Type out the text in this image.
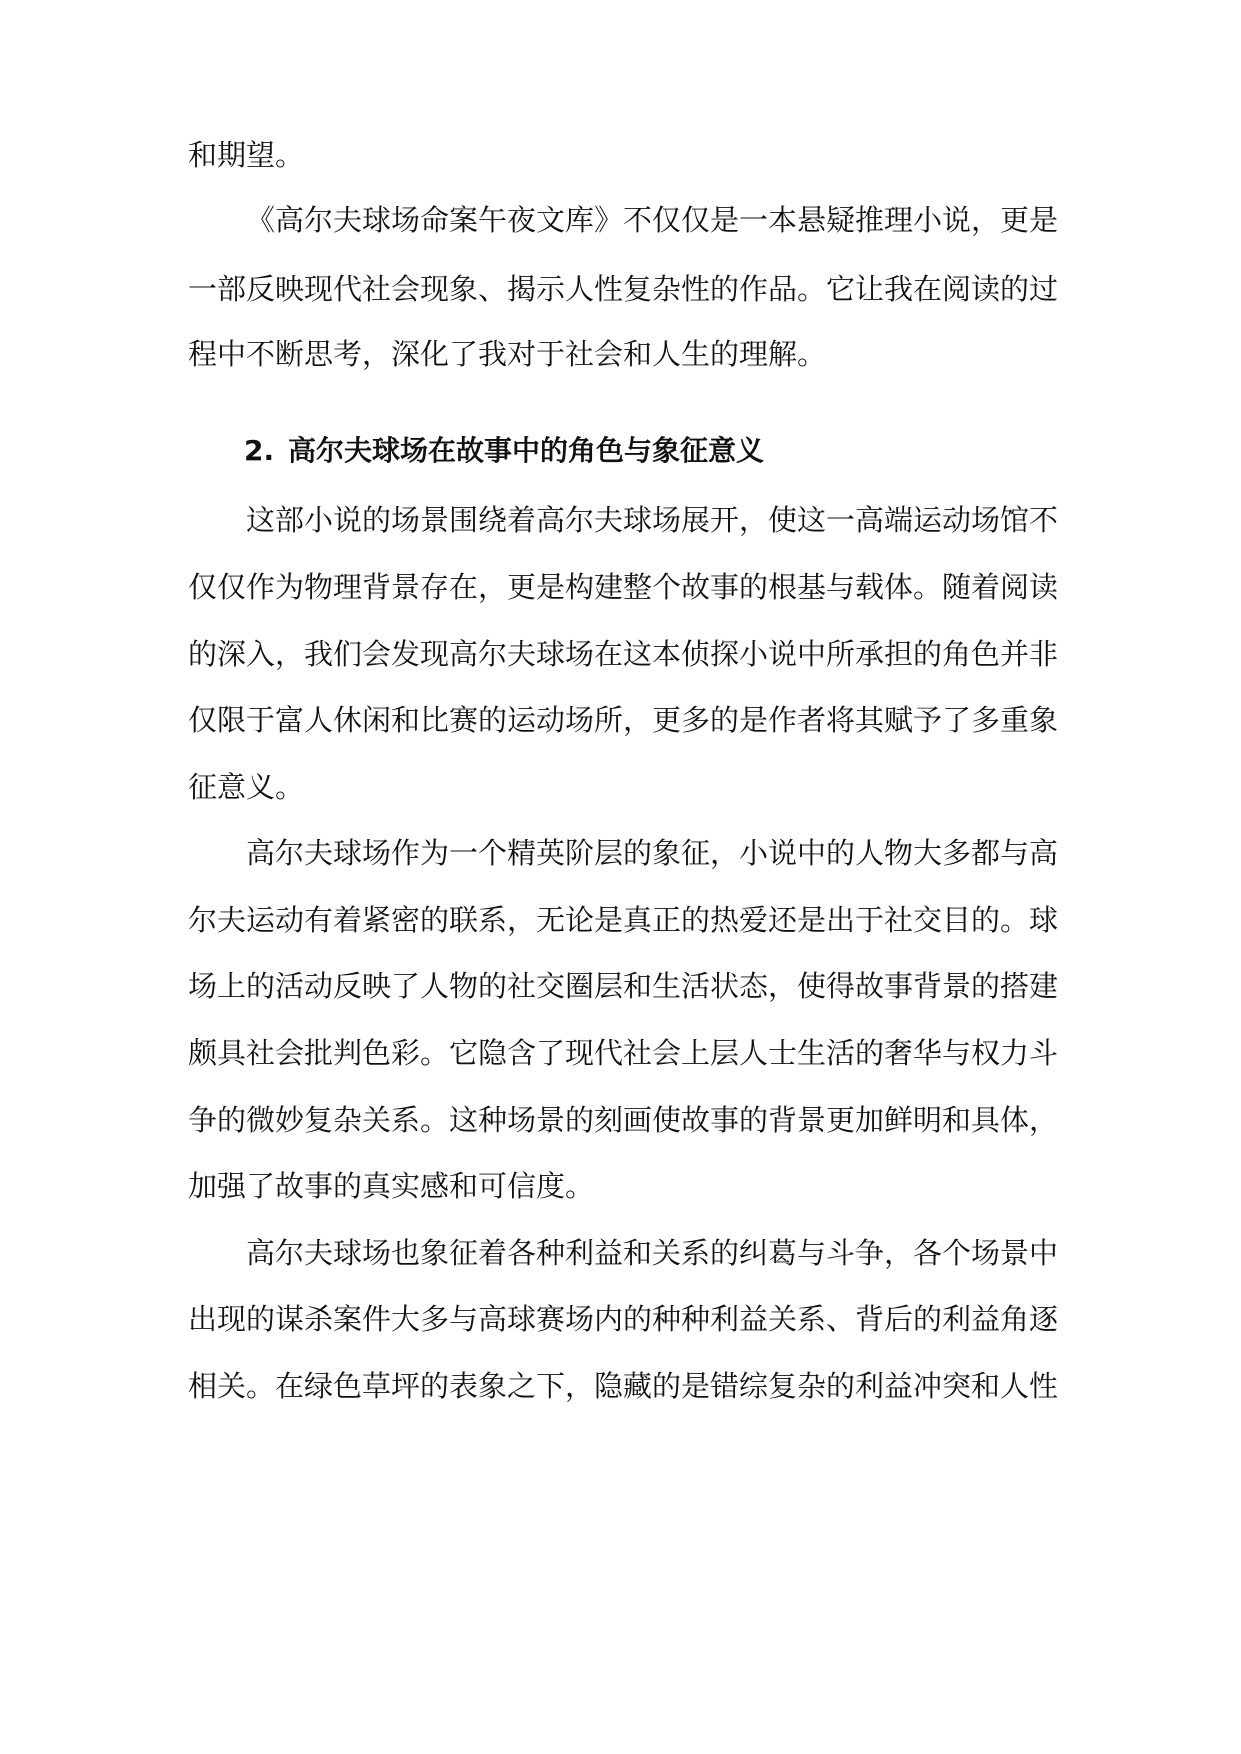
和期望。
《高尔夫球场命案午夜文库》不仅仅是一本悬疑推理小说，更是
一部反映现代社会现象、揭示人性复杂性的作品。它让我在阅读的过
程中不断思考，深化了我对于社会和人生的理解。
2. 高尔夫球场在故事中的角色与象征意义
这部小说的场景围绕着高尔夫球场展开，使这一高端运动场馆不
仅仅作为物理背景存在，更是构建整个故事的根基与载体。随着阅读
的深入，我们会发现高尔夫球场在这本侦探小说中所承担的角色并非
仅限于富人休闲和比赛的运动场所，更多的是作者将其赋予了多重象
征意义。
高尔夫球场作为一个精英阶层的象征，小说中的人物大多都与高
尔夫运动有着紧密的联系，无论是真正的热爱还是出于社交目的。球
场上的活动反映了人物的社交圈层和生活状态，使得故事背景的搭建
颇具社会批判色彩。它隐含了现代社会上层人士生活的奢华与权力斗
争的微妙复杂关系。这种场景的刻画使故事的背景更加鲜明和具体，
加强了故事的真实感和可信度。
高尔夫球场也象征着各种利益和关系的纠葛与斗争，各个场景中
出现的谋杀案件大多与高球赛场内的种种利益关系、背后的利益角逐
相关。在绿色草坪的表象之下，隐藏的是错综复杂的利益冲突和人性
